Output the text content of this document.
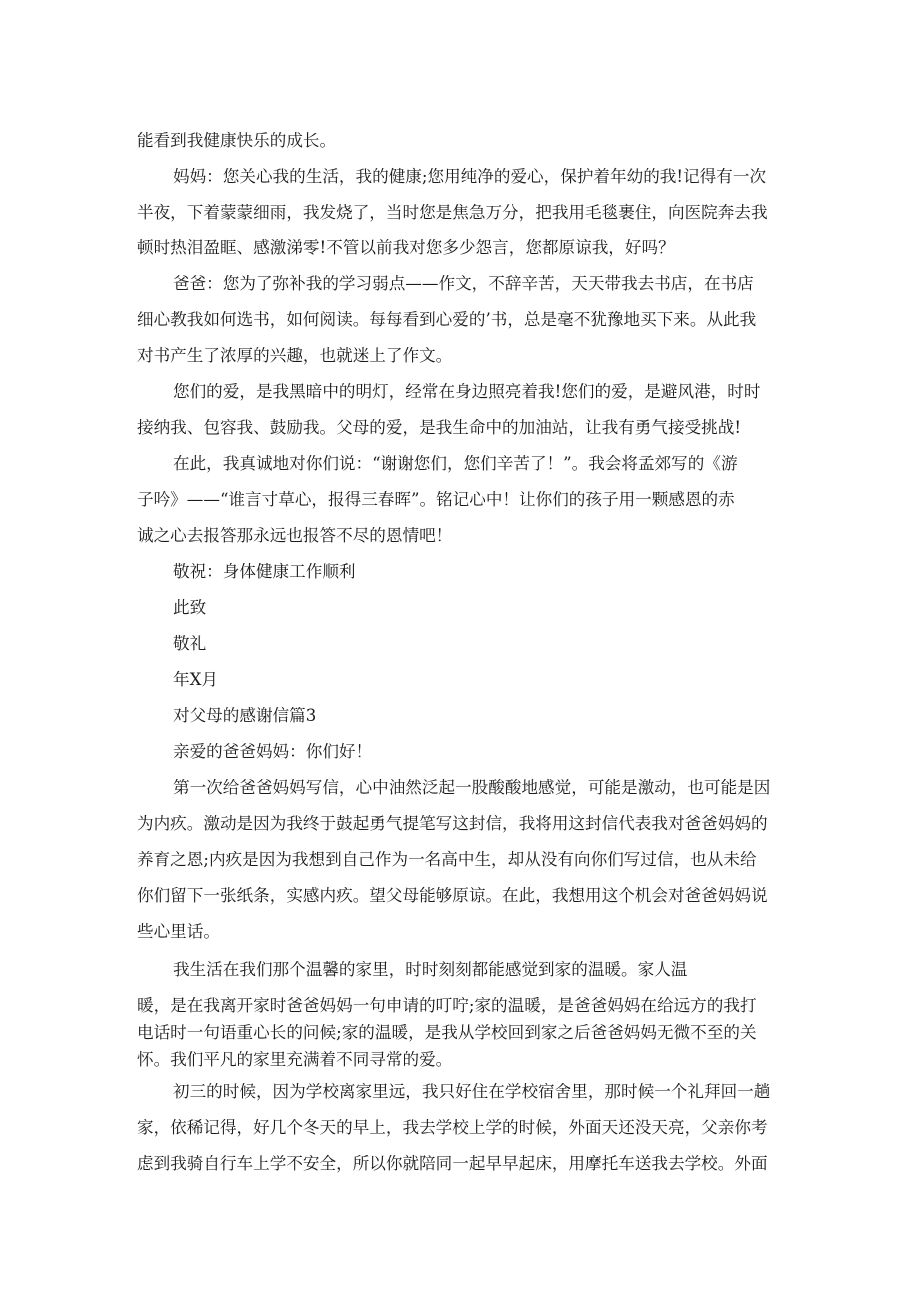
能看到我健康快乐的成长。
妈妈：您关心我的生活，我的健康;您用纯净的爱心，保护着年幼的我!记得有一次
半夜，下着蒙蒙细雨，我发烧了，当时您是焦急万分，把我用毛毯裹住，向医院奔去我
顿时热泪盈眶、感激涕零!不管以前我对您多少怨言，您都原谅我，好吗？
爸爸：您为了弥补我的学习弱点——作文，不辞辛苦，天天带我去书店，在书店
细心教我如何选书，如何阅读。每每看到心爱的’书，总是毫不犹豫地买下来。从此我
对书产生了浓厚的兴趣，也就迷上了作文。
您们的爱，是我黑暗中的明灯，经常在身边照亮着我!您们的爱，是避风港，时时
接纳我、包容我、鼓励我。父母的爱，是我生命中的加油站，让我有勇气接受挑战!
在此，我真诚地对你们说：“谢谢您们，您们辛苦了！”。我会将孟郊写的《游
子吟》——“谁言寸草心，报得三春晖”。铭记心中！让你们的孩子用一颗感恩的赤
诚之心去报答那永远也报答不尽的恩情吧！
敬祝：身体健康工作顺利
此致
敬礼
年X月
对父母的感谢信篇3
亲爱的爸爸妈妈：你们好！
第一次给爸爸妈妈写信，心中油然泛起一股酸酸地感觉，可能是激动，也可能是因
为内疚。激动是因为我终于鼓起勇气提笔写这封信，我将用这封信代表我对爸爸妈妈的
养育之恩;内疚是因为我想到自己作为一名高中生，却从没有向你们写过信，也从未给
你们留下一张纸条，实感内疚。望父母能够原谅。在此，我想用这个机会对爸爸妈妈说
些心里话。
我生活在我们那个温馨的家里，时时刻刻都能感觉到家的温暖。家人温
暖，是在我离开家时爸爸妈妈一句申请的叮咛;家的温暖，是爸爸妈妈在给远方的我打
电话时一句语重心长的问候;家的温暖，是我从学校回到家之后爸爸妈妈无微不至的关
怀。我们平凡的家里充满着不同寻常的爱。
初三的时候，因为学校离家里远，我只好住在学校宿舍里，那时候一个礼拜回一趟
家，依稀记得，好几个冬天的早上，我去学校上学的时候，外面天还没天亮，父亲你考
虑到我骑自行车上学不安全，所以你就陪同一起早早起床，用摩托车送我去学校。外面
